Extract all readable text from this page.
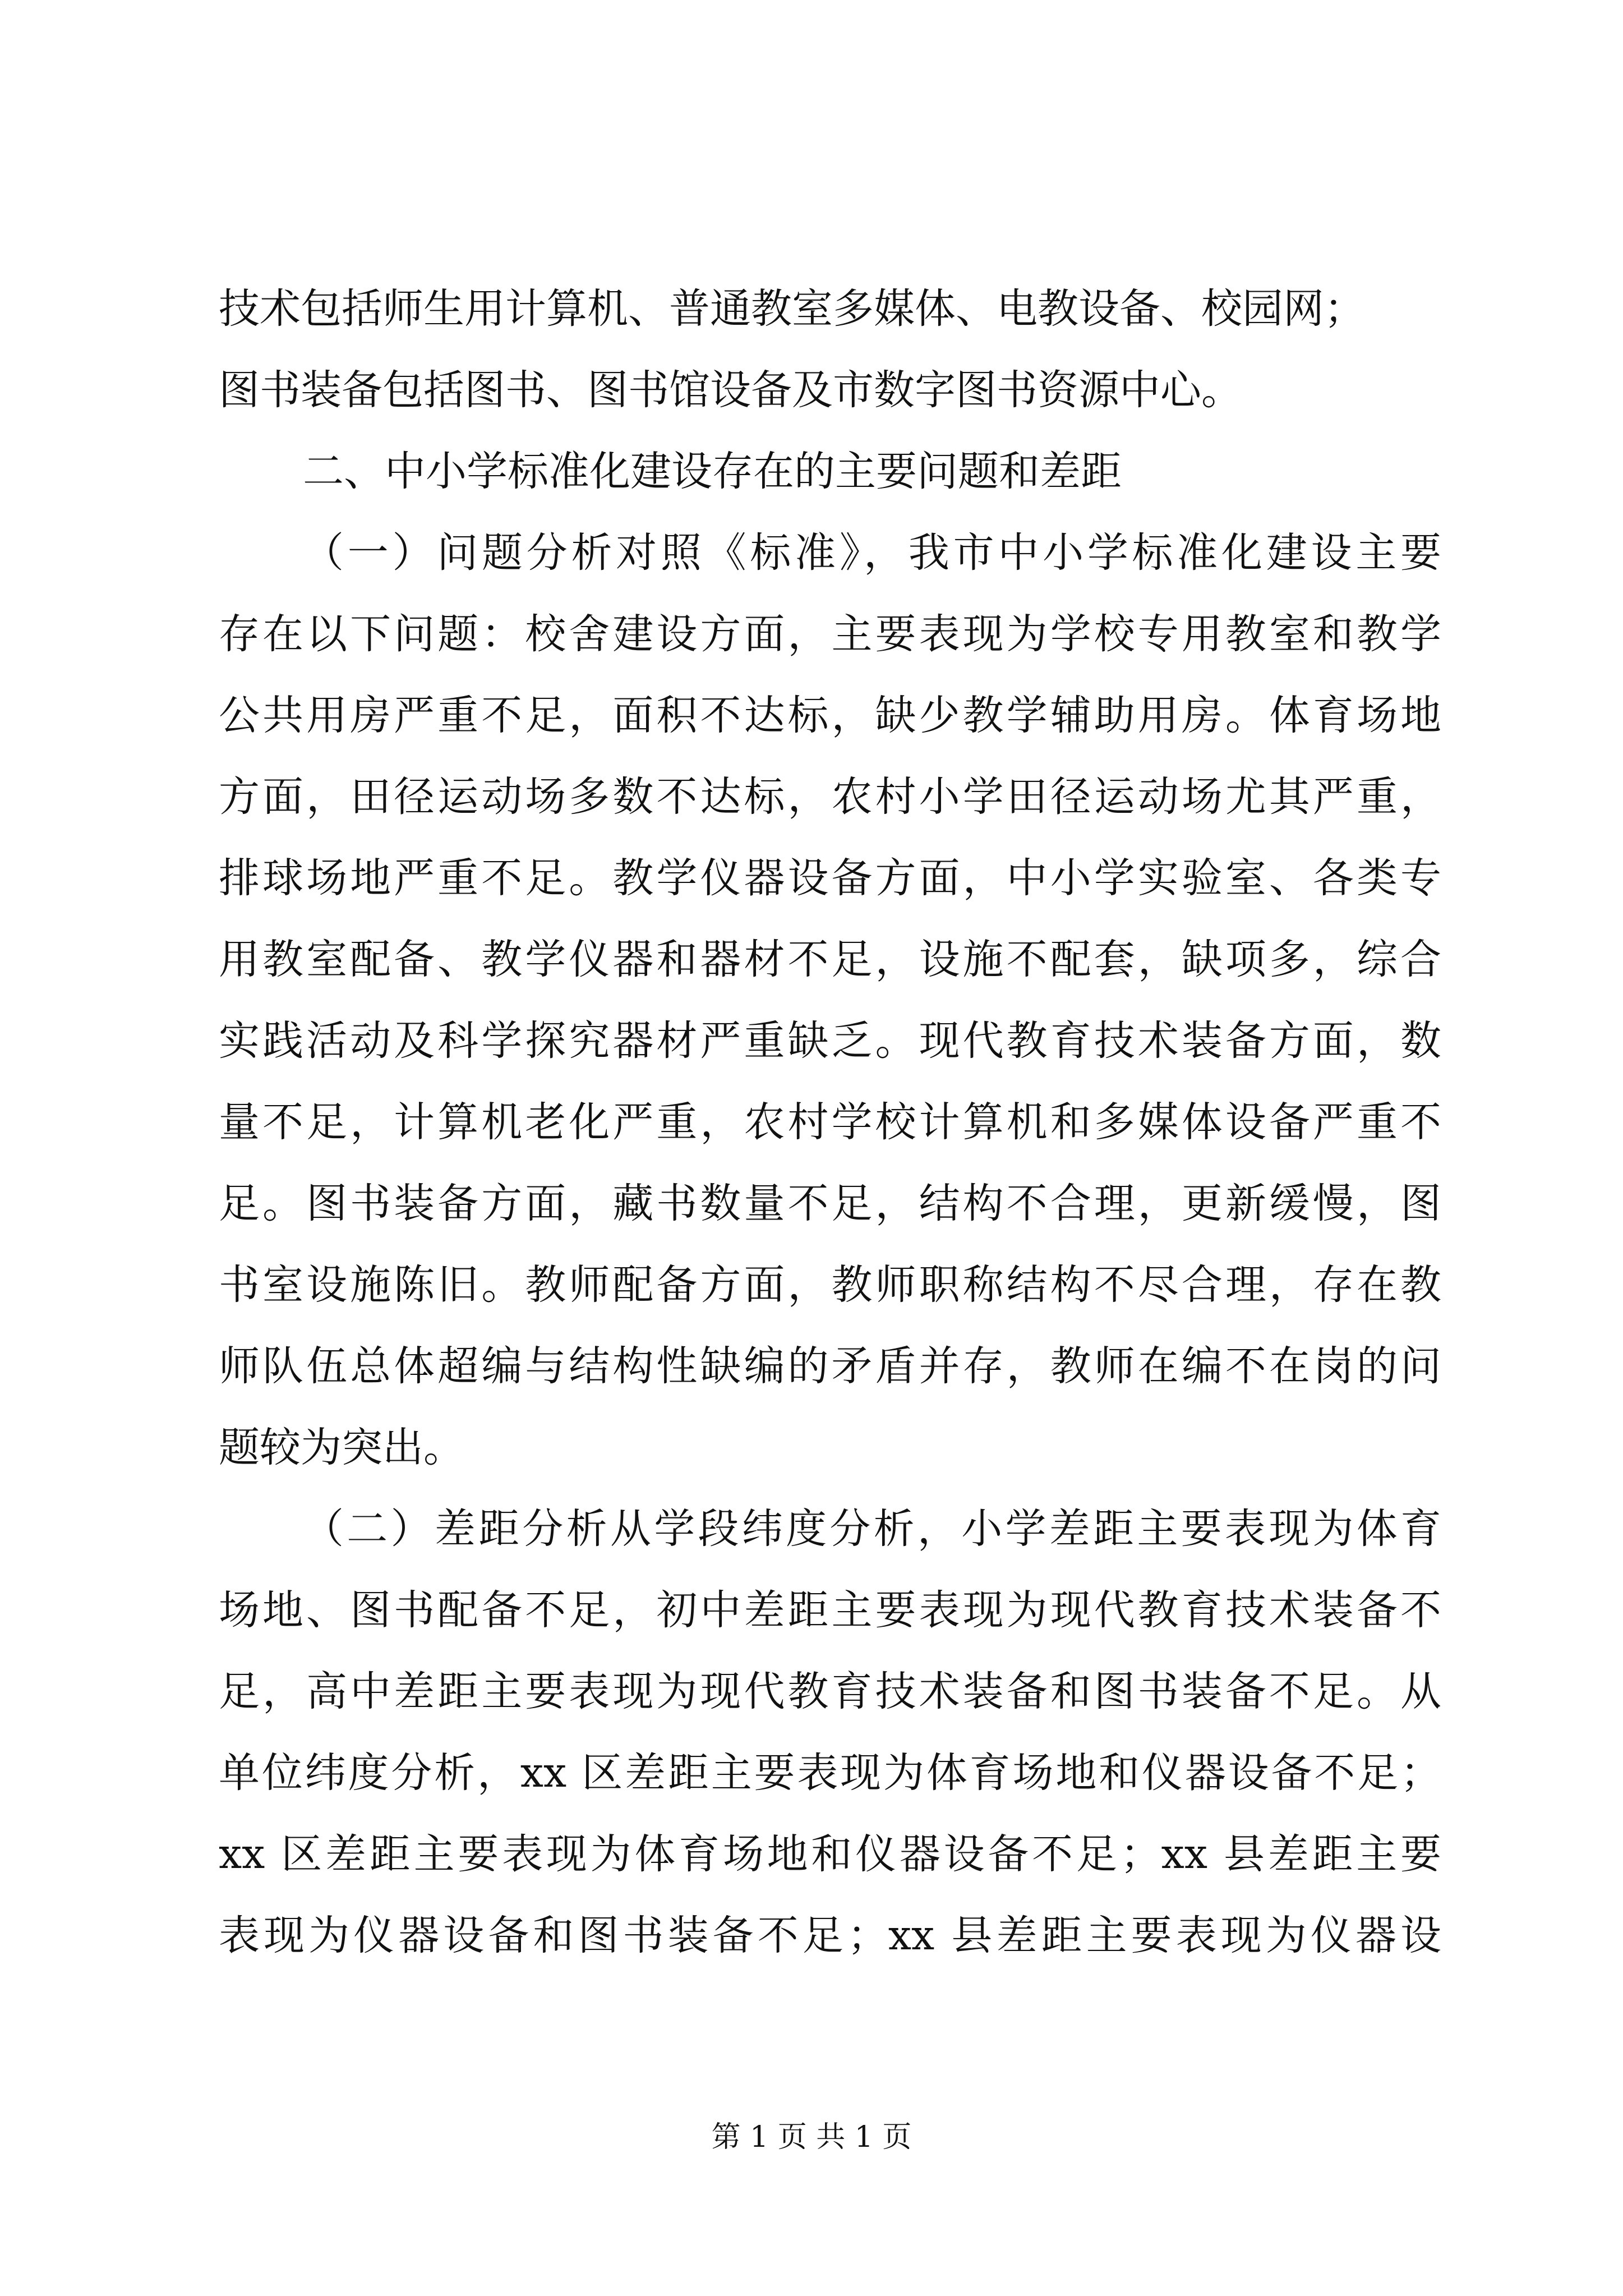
技术包括师生用计算机、普通教室多媒体、电教设备、校园网；
图书装备包括图书、图书馆设备及市数字图书资源中心。
二、中小学标准化建设存在的主要问题和差距
（一）问题分析对照《标准》，我市中小学标准化建设主要
存在以下问题：校舍建设方面，主要表现为学校专用教室和教学
公共用房严重不足，面积不达标，缺少教学辅助用房。体育场地
方面，田径运动场多数不达标，农村小学田径运动场尤其严重，
排球场地严重不足。教学仪器设备方面，中小学实验室、各类专
用教室配备、教学仪器和器材不足，设施不配套，缺项多，综合
实践活动及科学探究器材严重缺乏。现代教育技术装备方面，数
量不足，计算机老化严重，农村学校计算机和多媒体设备严重不
足。图书装备方面，藏书数量不足，结构不合理，更新缓慢，图
书室设施陈旧。教师配备方面，教师职称结构不尽合理，存在教
师队伍总体超编与结构性缺编的矛盾并存，教师在编不在岗的问
题较为突出。
（二）差距分析从学段纬度分析，小学差距主要表现为体育
场地、图书配备不足，初中差距主要表现为现代教育技术装备不
足，高中差距主要表现为现代教育技术装备和图书装备不足。从
单位纬度分析，xx 区差距主要表现为体育场地和仪器设备不足；
xx 区差距主要表现为体育场地和仪器设备不足；xx 县差距主要
表现为仪器设备和图书装备不足；xx 县差距主要表现为仪器设
第 1 页 共 1 页
